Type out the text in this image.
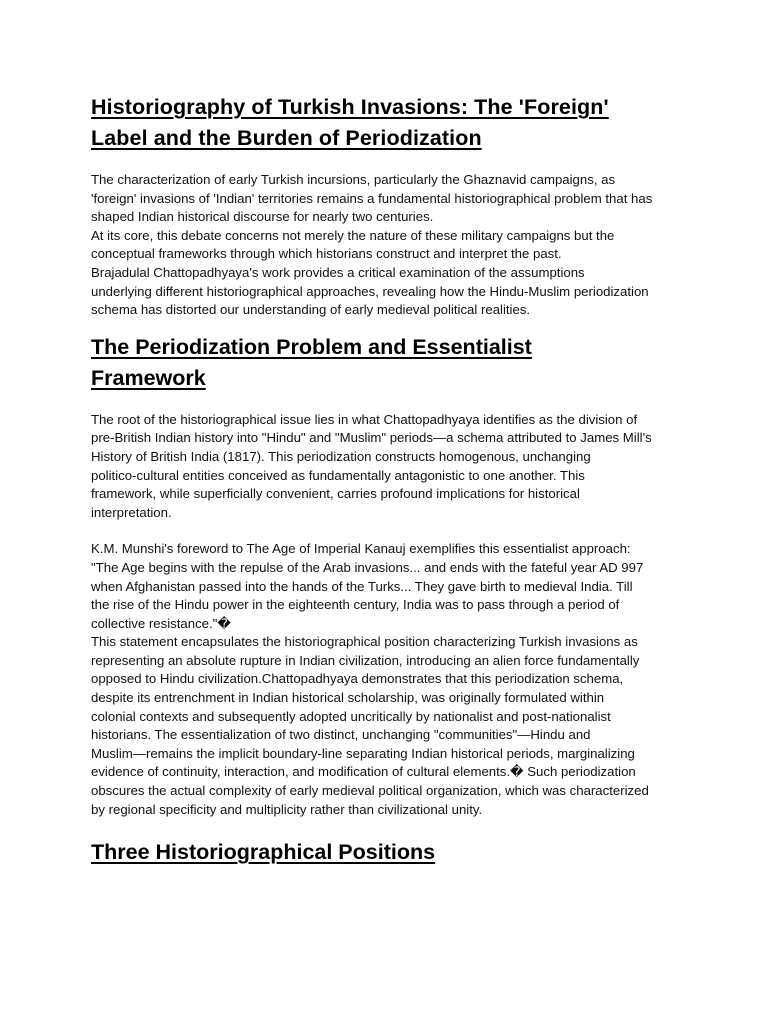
Historiography of Turkish Invasions: The 'Foreign'
Label and the Burden of Periodization

The characterization of early Turkish incursions, particularly the Ghaznavid campaigns, as
'foreign' invasions of 'Indian' territories remains a fundamental historiographical problem that has
shaped Indian historical discourse for nearly two centuries.
At its core, this debate concerns not merely the nature of these military campaigns but the
conceptual frameworks through which historians construct and interpret the past.
Brajadulal Chattopadhyaya's work provides a critical examination of the assumptions
underlying different historiographical approaches, revealing how the Hindu-Muslim periodization
schema has distorted our understanding of early medieval political realities.

The Periodization Problem and Essentialist
Framework

The root of the historiographical issue lies in what Chattopadhyaya identifies as the division of
pre-British Indian history into "Hindu" and "Muslim" periods—a schema attributed to James Mill's
History of British India (1817). This periodization constructs homogenous, unchanging
politico-cultural entities conceived as fundamentally antagonistic to one another. This
framework, while superficially convenient, carries profound implications for historical
interpretation.

K.M. Munshi's foreword to The Age of Imperial Kanauj exemplifies this essentialist approach:
"The Age begins with the repulse of the Arab invasions... and ends with the fateful year AD 997
when Afghanistan passed into the hands of the Turks... They gave birth to medieval India. Till
the rise of the Hindu power in the eighteenth century, India was to pass through a period of
collective resistance."�
This statement encapsulates the historiographical position characterizing Turkish invasions as
representing an absolute rupture in Indian civilization, introducing an alien force fundamentally
opposed to Hindu civilization.Chattopadhyaya demonstrates that this periodization schema,
despite its entrenchment in Indian historical scholarship, was originally formulated within
colonial contexts and subsequently adopted uncritically by nationalist and post-nationalist
historians. The essentialization of two distinct, unchanging "communities"—Hindu and
Muslim—remains the implicit boundary-line separating Indian historical periods, marginalizing
evidence of continuity, interaction, and modification of cultural elements.� Such periodization
obscures the actual complexity of early medieval political organization, which was characterized
by regional specificity and multiplicity rather than civilizational unity.

Three Historiographical Positions
